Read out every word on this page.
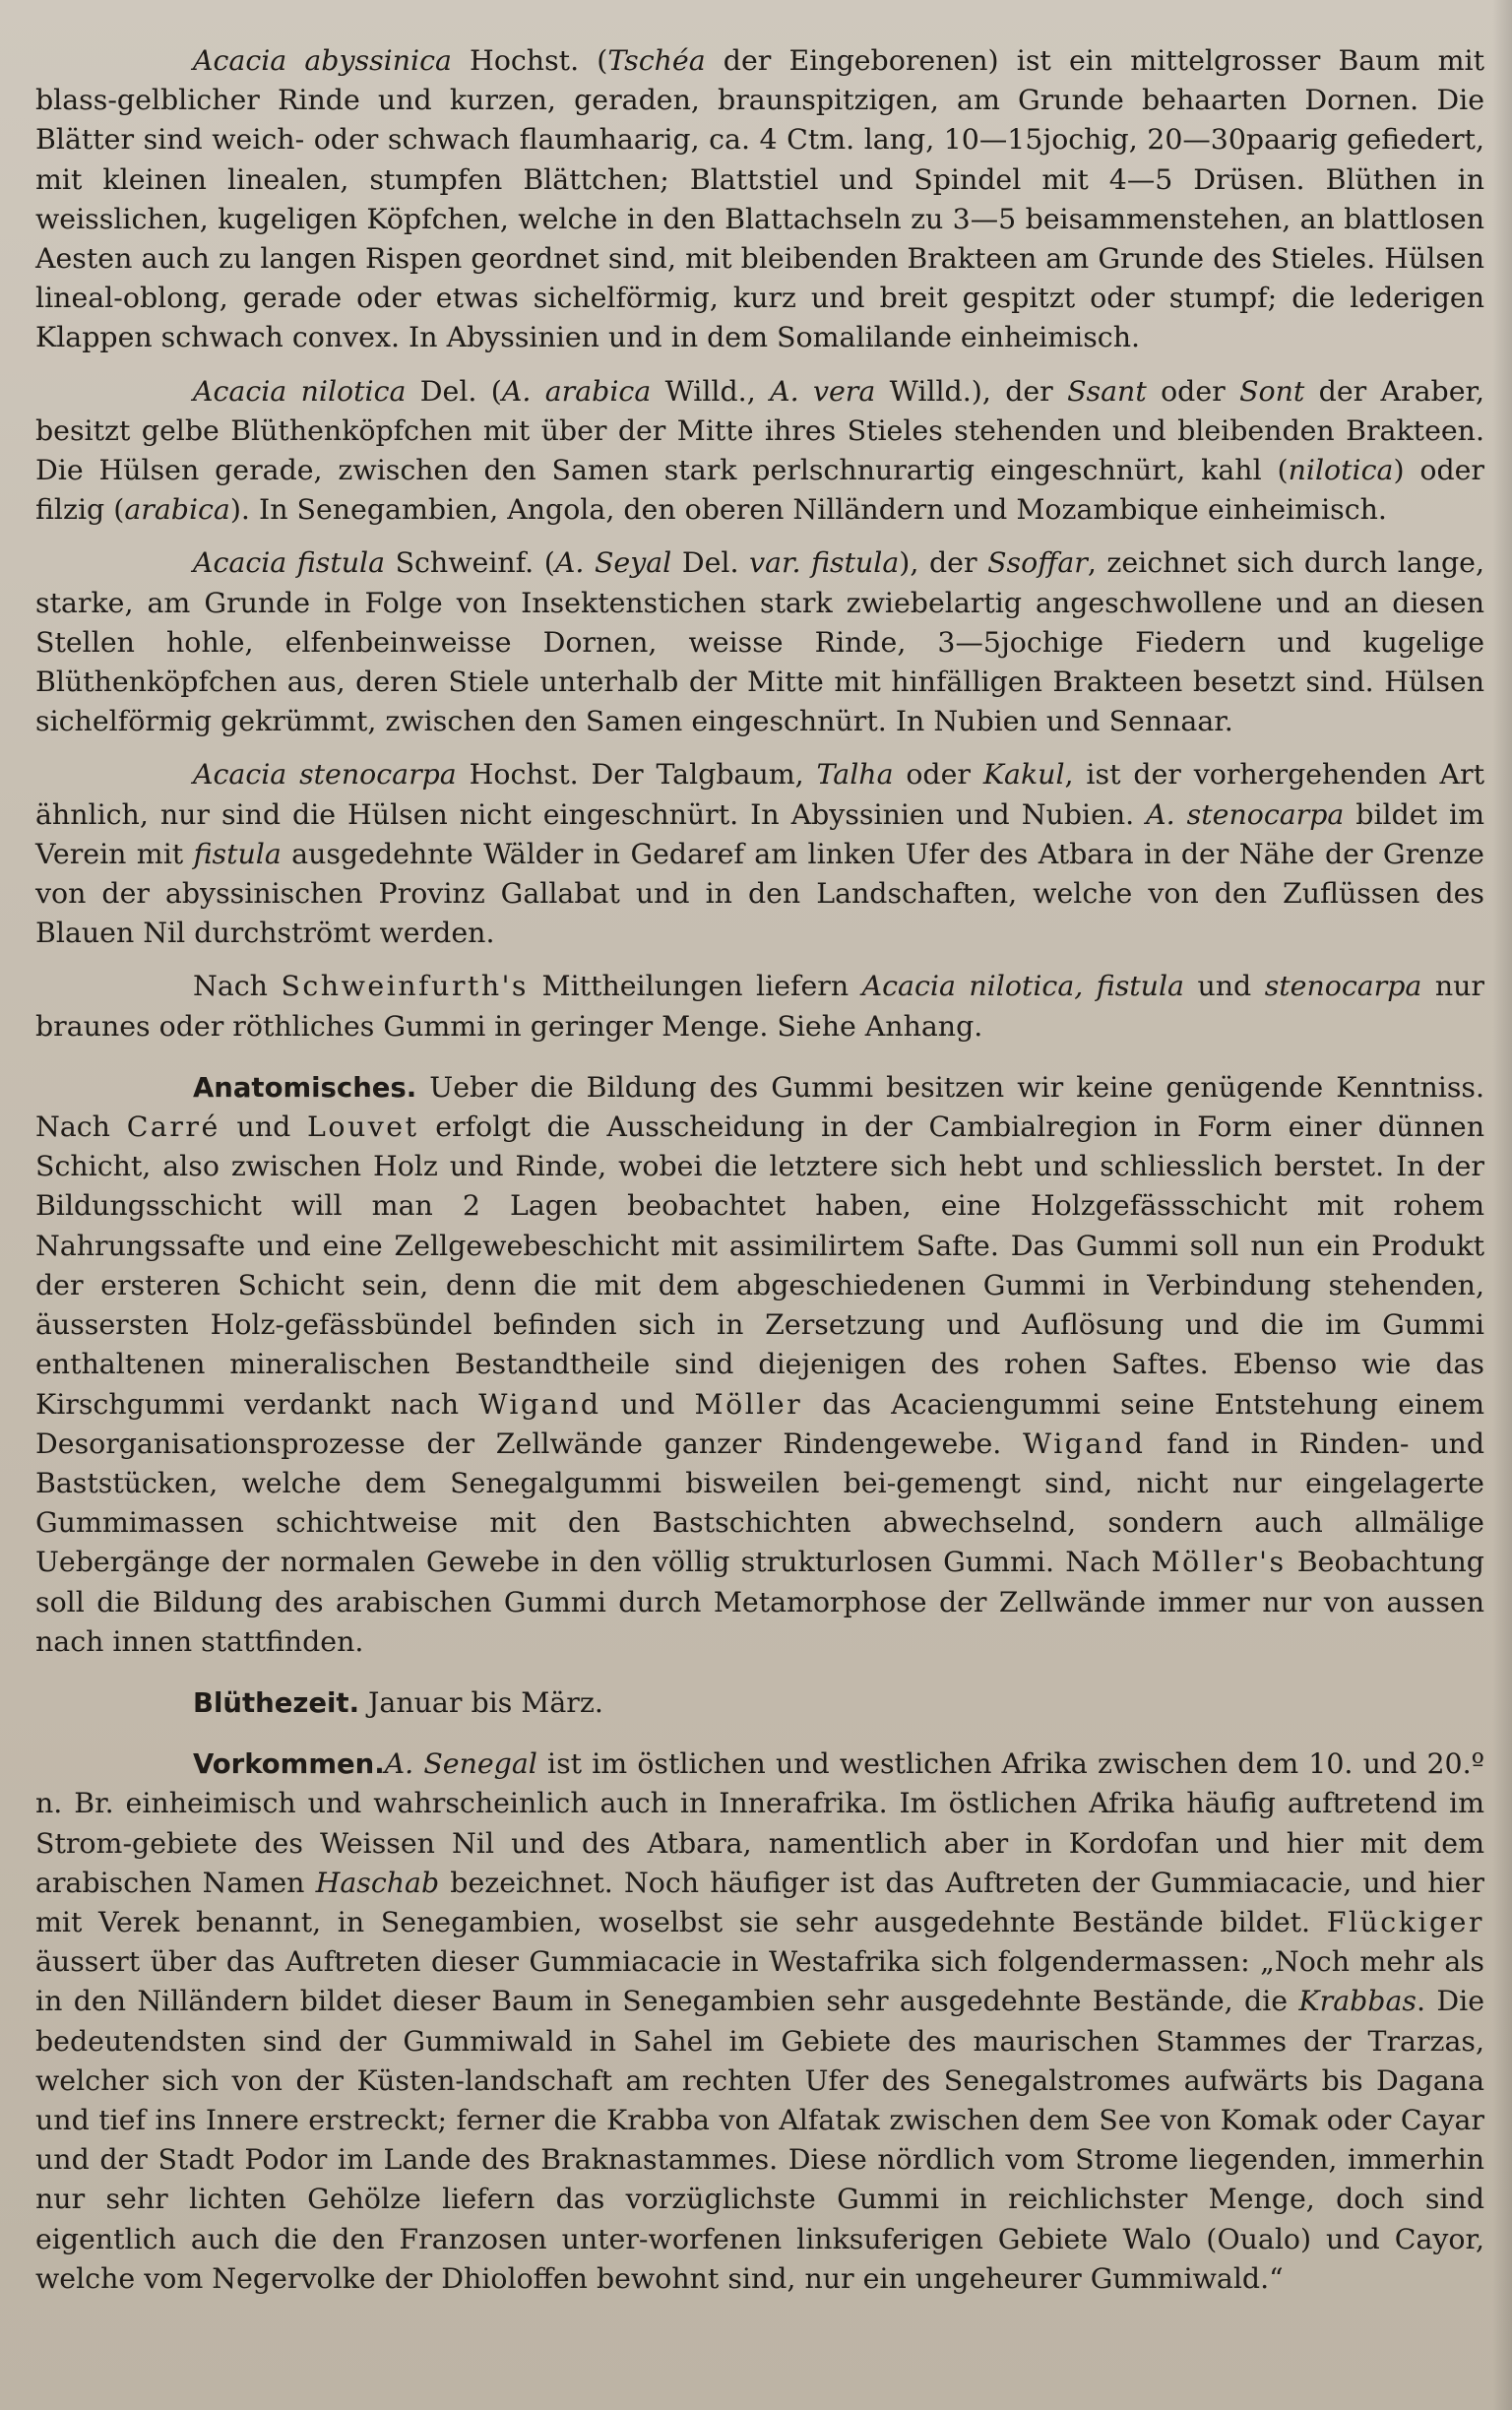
Acacia abyssinica Hochst. (Tschéa der Eingeborenen) ist ein mittelgrosser Baum mit blass-gelblicher Rinde und kurzen, geraden, braunspitzigen, am Grunde behaarten Dornen. Die Blätter sind weich- oder schwach flaumhaarig, ca. 4 Ctm. lang, 10—15jochig, 20—30paarig gefiedert, mit kleinen linealen, stumpfen Blättchen; Blattstiel und Spindel mit 4—5 Drüsen. Blüthen in weisslichen, kugeligen Köpfchen, welche in den Blattachseln zu 3—5 beisammenstehen, an blattlosen Aesten auch zu langen Rispen geordnet sind, mit bleibenden Brakteen am Grunde des Stieles. Hülsen lineal-oblong, gerade oder etwas sichelförmig, kurz und breit gespitzt oder stumpf; die lederigen Klappen schwach convex. In Abyssinien und in dem Somalilande einheimisch.

Acacia nilotica Del. (A. arabica Willd., A. vera Willd.), der Ssant oder Sont der Araber, besitzt gelbe Blüthenköpfchen mit über der Mitte ihres Stieles stehenden und bleibenden Brakteen. Die Hülsen gerade, zwischen den Samen stark perlschnurartig eingeschnürt, kahl (nilotica) oder filzig (arabica). In Senegambien, Angola, den oberen Nilländern und Mozambique einheimisch.

Acacia fistula Schweinf. (A. Seyal Del. var. fistula), der Ssoffar, zeichnet sich durch lange, starke, am Grunde in Folge von Insektenstichen stark zwiebelartig angeschwollene und an diesen Stellen hohle, elfenbeinweisse Dornen, weisse Rinde, 3—5jochige Fiedern und kugelige Blüthenköpfchen aus, deren Stiele unterhalb der Mitte mit hinfälligen Brakteen besetzt sind. Hülsen sichelförmig gekrümmt, zwischen den Samen eingeschnürt. In Nubien und Sennaar.

Acacia stenocarpa Hochst. Der Talgbaum, Talha oder Kakul, ist der vorhergehenden Art ähnlich, nur sind die Hülsen nicht eingeschnürt. In Abyssinien und Nubien. A. stenocarpa bildet im Verein mit fistula ausgedehnte Wälder in Gedaref am linken Ufer des Atbara in der Nähe der Grenze von der abyssinischen Provinz Gallabat und in den Landschaften, welche von den Zuflüssen des Blauen Nil durchströmt werden.

Nach Schweinfurth's Mittheilungen liefern Acacia nilotica, fistula und stenocarpa nur braunes oder röthliches Gummi in geringer Menge. Siehe Anhang.

Anatomisches. Ueber die Bildung des Gummi besitzen wir keine genügende Kenntniss. Nach Carré und Louvet erfolgt die Ausscheidung in der Cambialregion in Form einer dünnen Schicht, also zwischen Holz und Rinde, wobei die letztere sich hebt und schliesslich berstet. In der Bildungsschicht will man 2 Lagen beobachtet haben, eine Holzgefässschicht mit rohem Nahrungssafte und eine Zellgewebeschicht mit assimilirtem Safte. Das Gummi soll nun ein Produkt der ersteren Schicht sein, denn die mit dem abgeschiedenen Gummi in Verbindung stehenden, äussersten Holz-gefässbündel befinden sich in Zersetzung und Auflösung und die im Gummi enthaltenen mineralischen Bestandtheile sind diejenigen des rohen Saftes. Ebenso wie das Kirschgummi verdankt nach Wigand und Möller das Acaciengummi seine Entstehung einem Desorganisationsprozesse der Zellwände ganzer Rindengewebe. Wigand fand in Rinden- und Baststücken, welche dem Senegalgummi bisweilen bei-gemengt sind, nicht nur eingelagerte Gummimassen schichtweise mit den Bastschichten abwechselnd, sondern auch allmälige Uebergänge der normalen Gewebe in den völlig strukturlosen Gummi. Nach Möller's Beobachtung soll die Bildung des arabischen Gummi durch Metamorphose der Zellwände immer nur von aussen nach innen stattfinden.

Blüthezeit. Januar bis März.

Vorkommen.A. Senegal ist im östlichen und westlichen Afrika zwischen dem 10. und 20.º n. Br. einheimisch und wahrscheinlich auch in Innerafrika. Im östlichen Afrika häufig auftretend im Strom-gebiete des Weissen Nil und des Atbara, namentlich aber in Kordofan und hier mit dem arabischen Namen Haschab bezeichnet. Noch häufiger ist das Auftreten der Gummiacacie, und hier mit Verek benannt, in Senegambien, woselbst sie sehr ausgedehnte Bestände bildet. Flückiger äussert über das Auftreten dieser Gummiacacie in Westafrika sich folgendermassen: „Noch mehr als in den Nilländern bildet dieser Baum in Senegambien sehr ausgedehnte Bestände, die Krabbas. Die bedeutendsten sind der Gummiwald in Sahel im Gebiete des maurischen Stammes der Trarzas, welcher sich von der Küsten-landschaft am rechten Ufer des Senegalstromes aufwärts bis Dagana und tief ins Innere erstreckt; ferner die Krabba von Alfatak zwischen dem See von Komak oder Cayar und der Stadt Podor im Lande des Braknastammes. Diese nördlich vom Strome liegenden, immerhin nur sehr lichten Gehölze liefern das vorzüglichste Gummi in reichlichster Menge, doch sind eigentlich auch die den Franzosen unter-worfenen linksuferigen Gebiete Walo (Oualo) und Cayor, welche vom Negervolke der Dhioloffen bewohnt sind, nur ein ungeheurer Gummiwald.“
